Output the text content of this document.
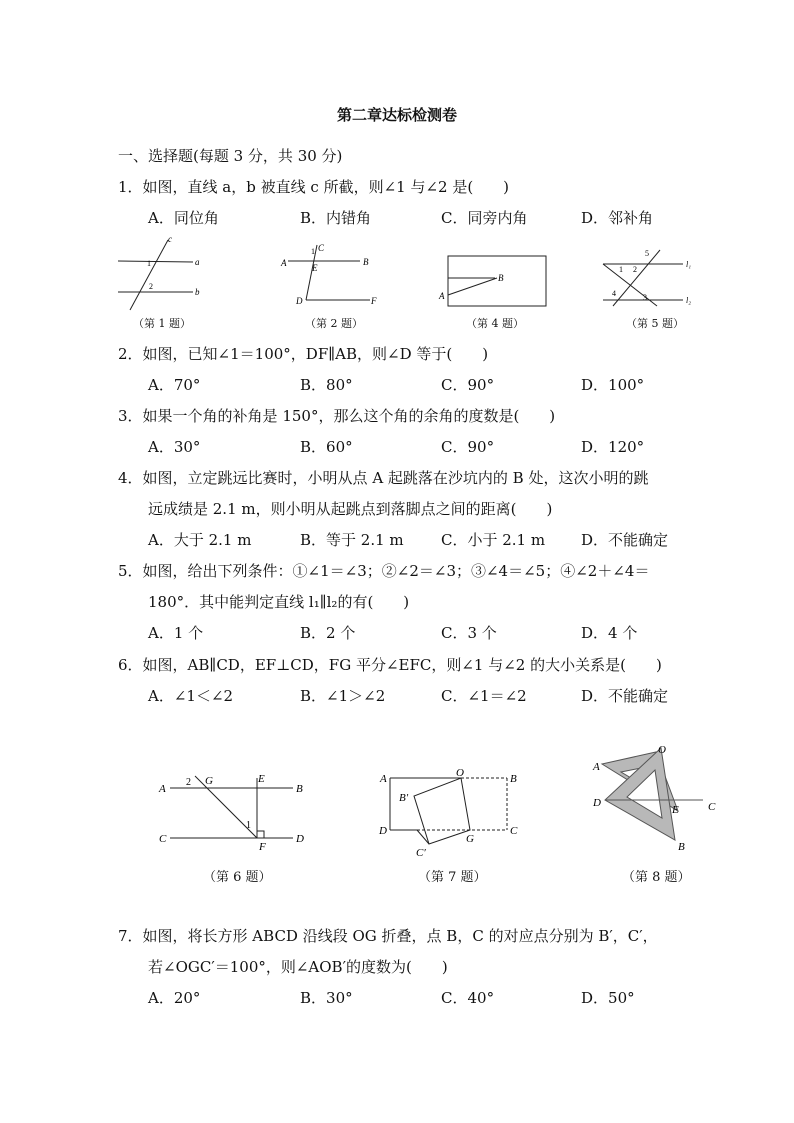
第二章达标检测卷
一、选择题(每题 3 分，共 30 分)
1．如图，直线 a，b 被直线 c 所截，则∠1 与∠2 是(　　)
A．同位角	B．内错角	C．同旁内角	D．邻补角
c
a
b
1
2
（第 1 题）
A	B
C
1
E
D	F
（第 2 题）
A
B
（第 4 题）
l₁
l₂
1 2
3
4
5
（第 5 题）
2．如图，已知∠1＝100°，DF∥AB，则∠D 等于(　　)
A．70°	B．80°	C．90°	D．100°
3．如果一个角的补角是 150°，那么这个角的余角的度数是(　　)
A．30°	B．60°	C．90°	D．120°
4．如图，立定跳远比赛时，小明从点 A 起跳落在沙坑内的 B 处，这次小明的跳
远成绩是 2.1 m，则小明从起跳点到落脚点之间的距离(　　)
A．大于 2.1 m	B．等于 2.1 m C．小于 2.1 m D．不能确定
5．如图，给出下列条件：①∠1＝∠3；②∠2＝∠3；③∠4＝∠5；④∠2＋∠4＝
180°．其中能判定直线 l₁∥l₂的有(　　)
A．1 个	B．2 个	C．3 个	D．4 个
6．如图，AB∥CD，EF⊥CD，FG 平分∠EFC，则∠1 与∠2 的大小关系是(　　)
A．∠1＜∠2	B．∠1＞∠2	C．∠1＝∠2	D．不能确定
A	B
C	D
E
F
G
2
1
（第 6 题）
A	O	B
D	C
G
B′
C′
（第 7 题）
A
O
D
E	C
B
（第 8 题）
7．如图，将长方形 ABCD 沿线段 OG 折叠，点 B，C 的对应点分别为 B′，C′，
若∠OGC′＝100°，则∠AOB′的度数为(　　)
A．20°	B．30°	C．40°	D．50°
